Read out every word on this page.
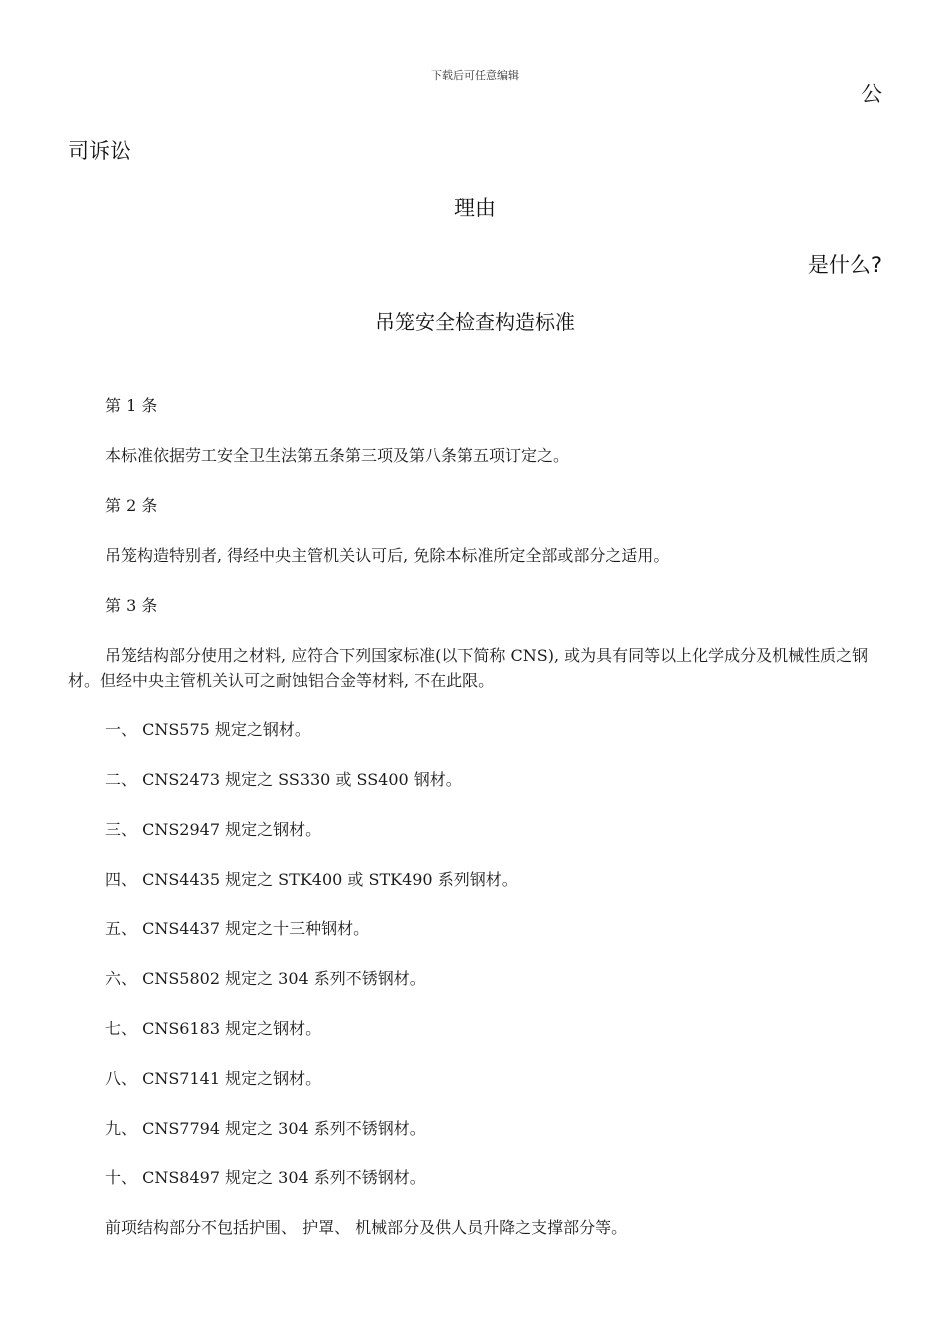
下载后可任意编辑
公
司诉讼
理由
是什么?
吊笼安全检查构造标准

第 1 条

本标准依据劳工安全卫生法第五条第三项及第八条第五项订定之。

第 2 条

吊笼构造特别者, 得经中央主管机关认可后, 免除本标准所定全部或部分之适用。

第 3 条

吊笼结构部分使用之材料, 应符合下列国家标准(以下简称 CNS), 或为具有同等以上化学成分及机械性质之钢材。但经中央主管机关认可之耐蚀铝合金等材料, 不在此限。

一、 CNS575 规定之钢材。

二、 CNS2473 规定之 SS330 或 SS400 钢材。

三、 CNS2947 规定之钢材。

四、 CNS4435 规定之 STK400 或 STK490 系列钢材。

五、 CNS4437 规定之十三种钢材。

六、 CNS5802 规定之 304 系列不锈钢材。

七、 CNS6183 规定之钢材。

八、 CNS7141 规定之钢材。

九、 CNS7794 规定之 304 系列不锈钢材。

十、 CNS8497 规定之 304 系列不锈钢材。

前项结构部分不包括护围、 护罩、 机械部分及供人员升降之支撑部分等。
